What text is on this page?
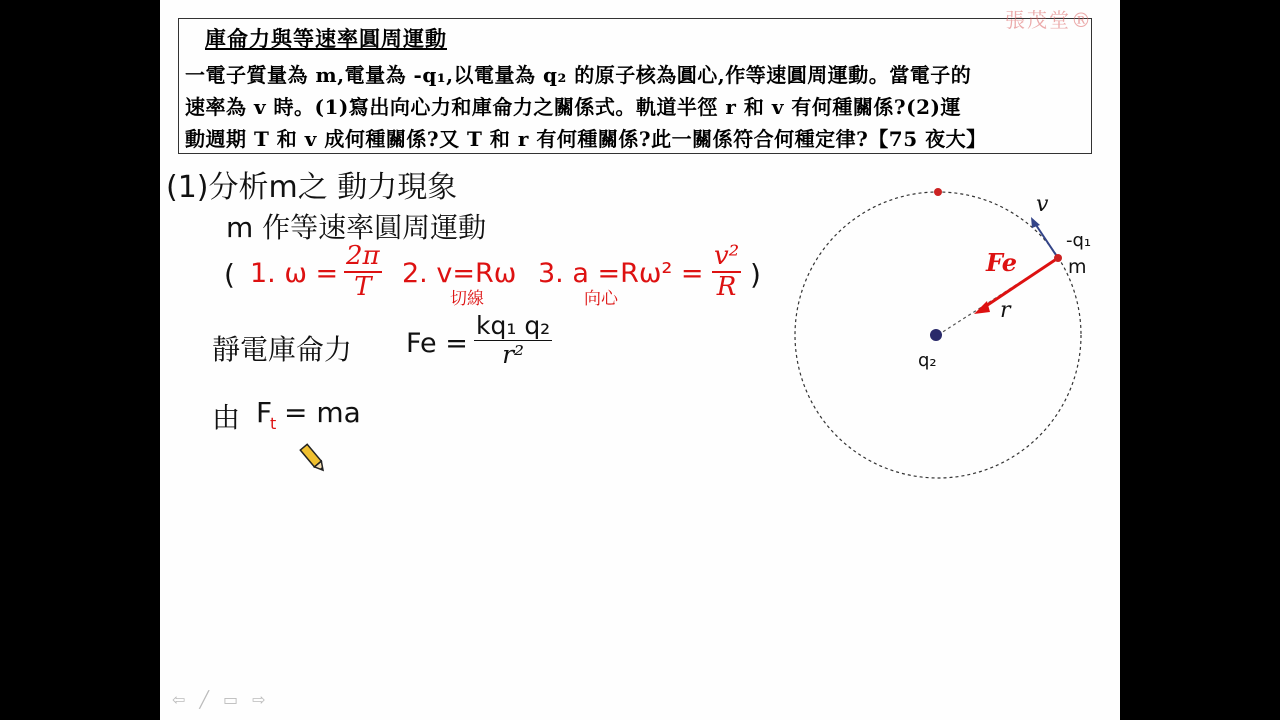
庫侖力與等速率圓周運動
一電子質量為 m,電量為 -q₁,以電量為 q₂ 的原子核為圓心,作等速圓周運動。當電子的
速率為 v 時。(1)寫出向心力和庫侖力之關係式。軌道半徑 r 和 v 有何種關係?(2)運
動週期 T 和 v 成何種關係?又 T 和 r 有何種關係?此一關係符合何種定律?【75 夜大】
張茂堂®
(1)分析m之 動力現象
m 作等速率圓周運動
( 1. $\omega = \frac{2\pi}{T} 2$. v=Rω
切線
3. a =Rω² =
向心	$\frac{\text{v²}}{R}$ )
靜電庫侖力 $Fe = \frac{\text{kq₁ q₂}}{\text{r²}}$
由 F
t = ma
v
-q₁
m
Fe
r
q₂
⇦ ╱ ▭ ⇨
